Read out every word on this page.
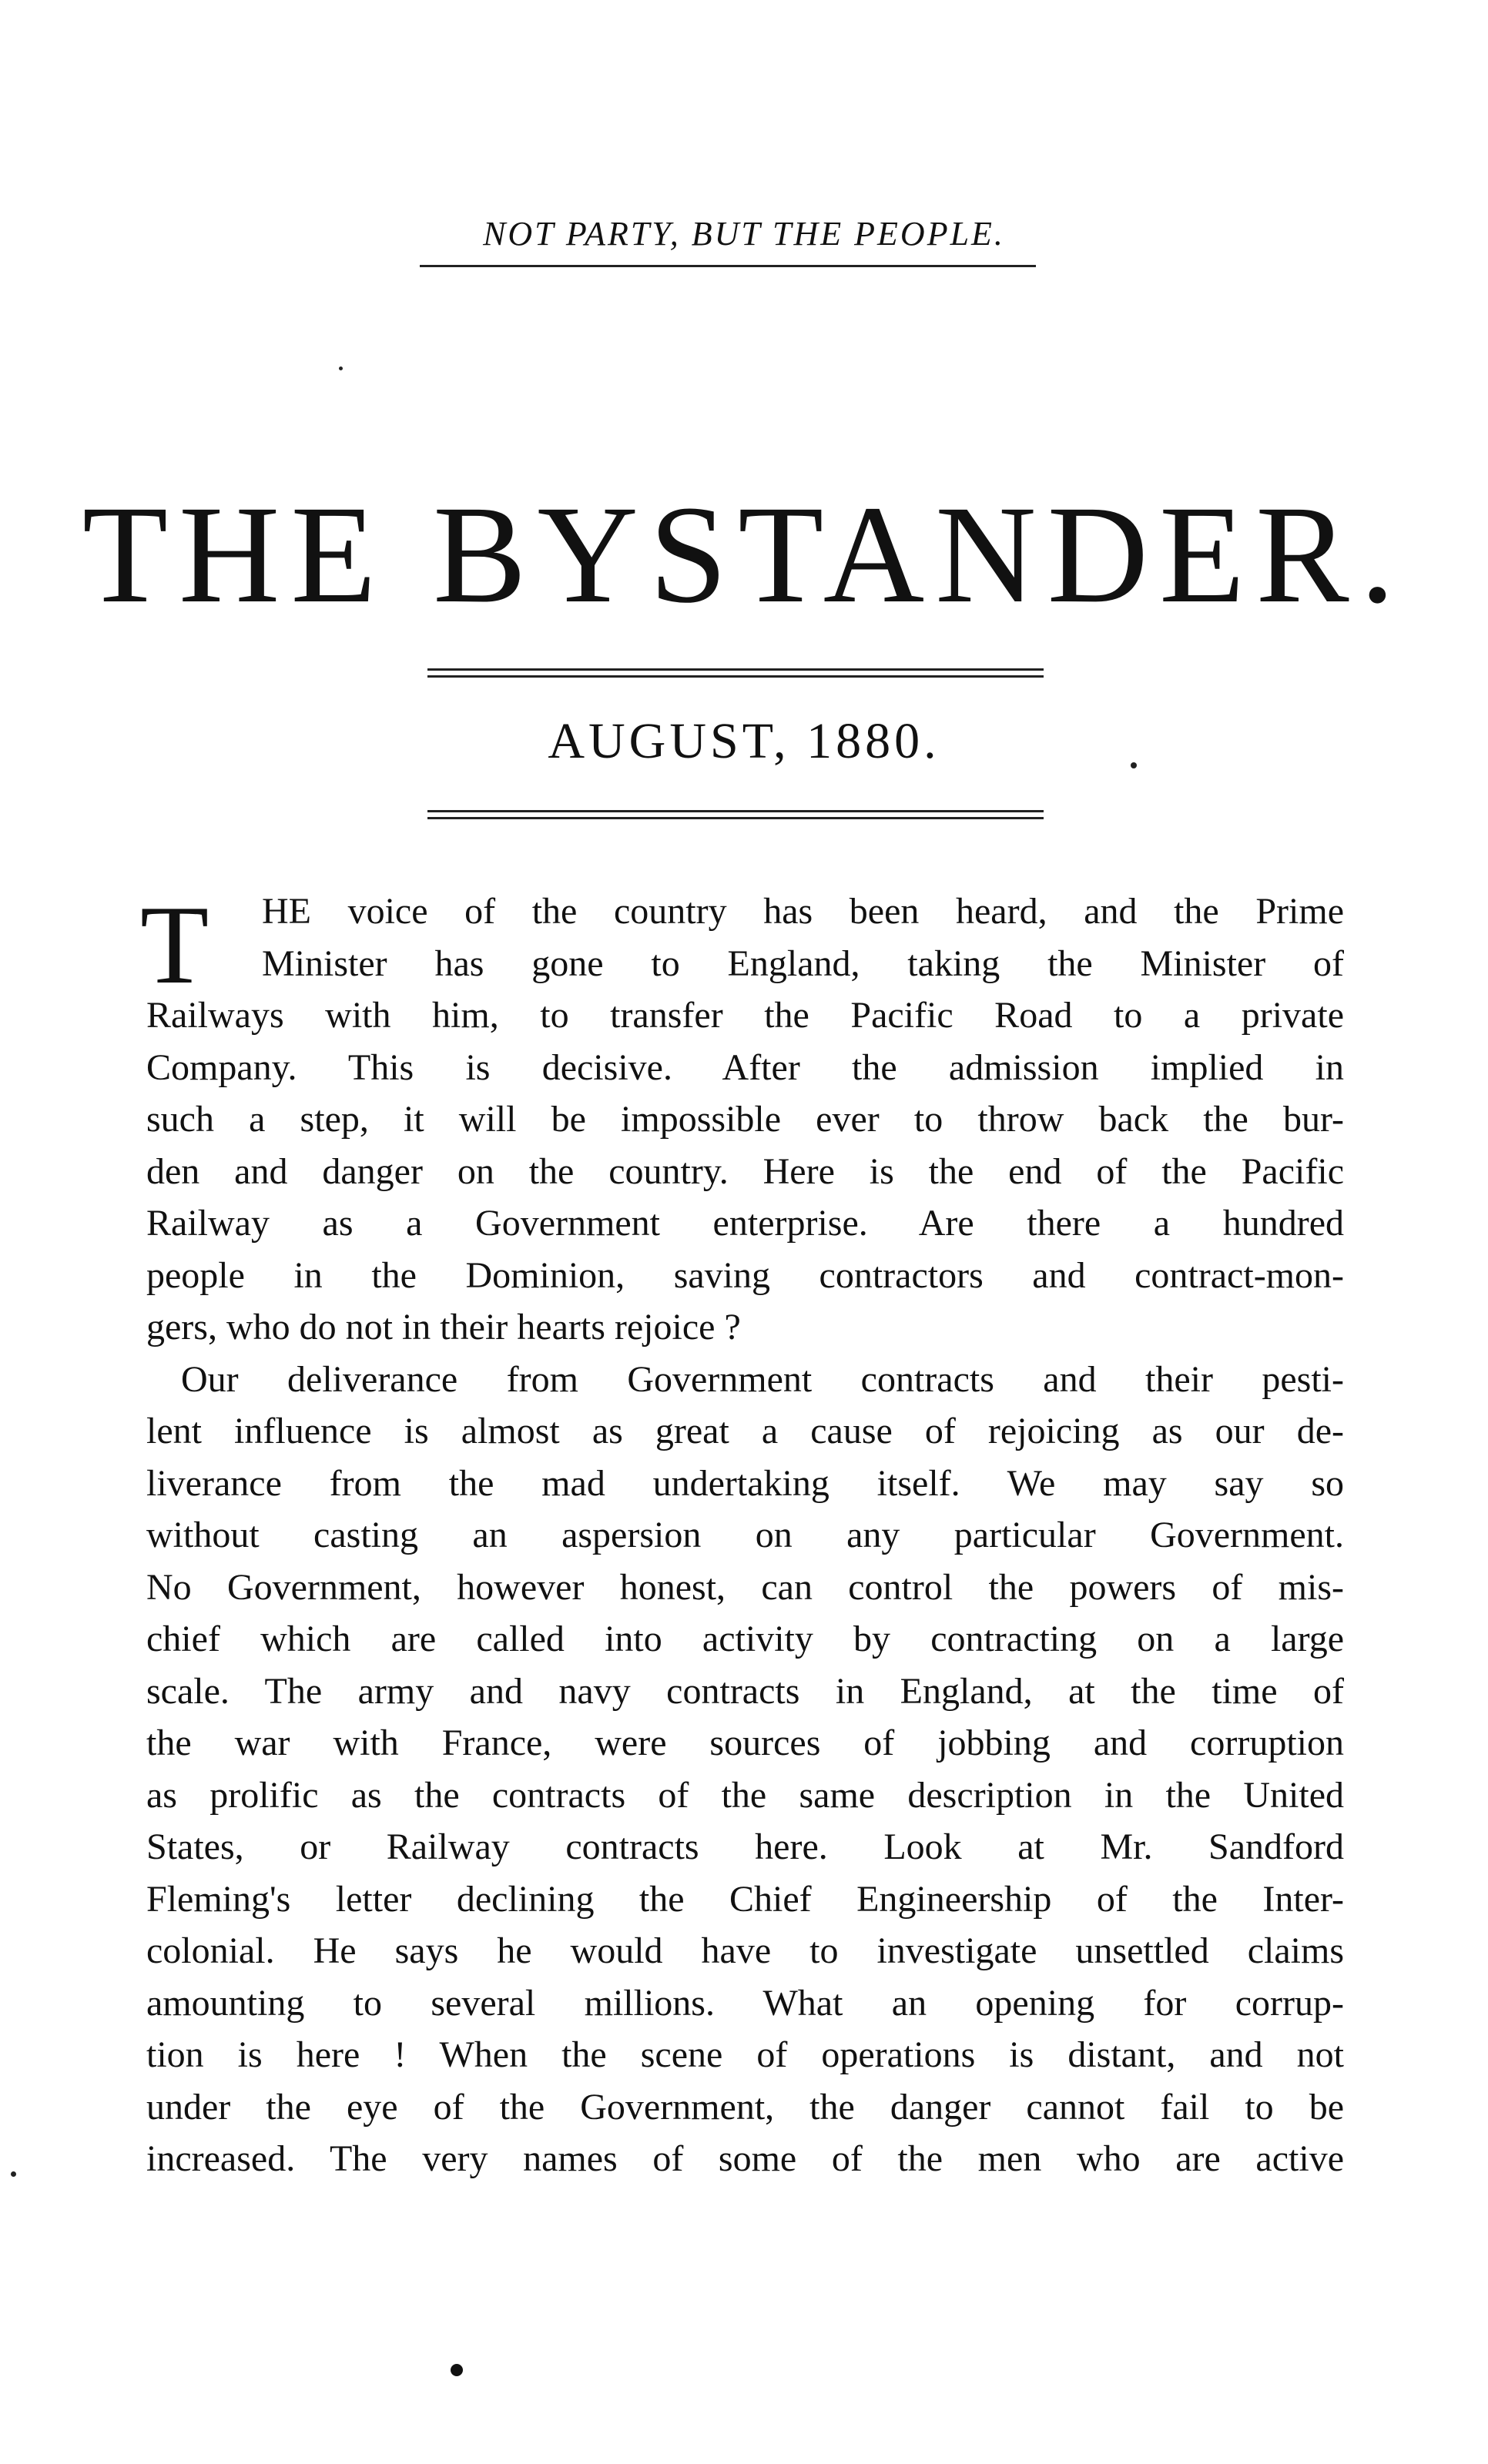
NOT PARTY, BUT THE PEOPLE.
THE BYSTANDER.
AUGUST, 1880.
T	HE voice of the country has been heard, and the Prime
Minister has gone to England, taking the Minister of
Railways with him, to transfer the Pacific Road to a private
Company. This is decisive. After the admission implied in
such a step, it will be impossible ever to throw back the bur-
den and danger on the country. Here is the end of the Pacific
Railway as a Government enterprise. Are there a hundred
people in the Dominion, saving contractors and contract-mon-
gers, who do not in their hearts rejoice ?
Our deliverance from Government contracts and their pesti-
lent influence is almost as great a cause of rejoicing as our de-
liverance from the mad undertaking itself. We may say so
without casting an aspersion on any particular Government.
No Government, however honest, can control the powers of mis-
chief which are called into activity by contracting on a large
scale. The army and navy contracts in England, at the time of
the war with France, were sources of jobbing and corruption
as prolific as the contracts of the same description in the United
States, or Railway contracts here. Look at Mr. Sandford
Fleming's letter declining the Chief Engineership of the Inter-
colonial. He says he would have to investigate unsettled claims
amounting to several millions. What an opening for corrup-
tion is here ! When the scene of operations is distant, and not
under the eye of the Government, the danger cannot fail to be
increased. The very names of some of the men who are active
